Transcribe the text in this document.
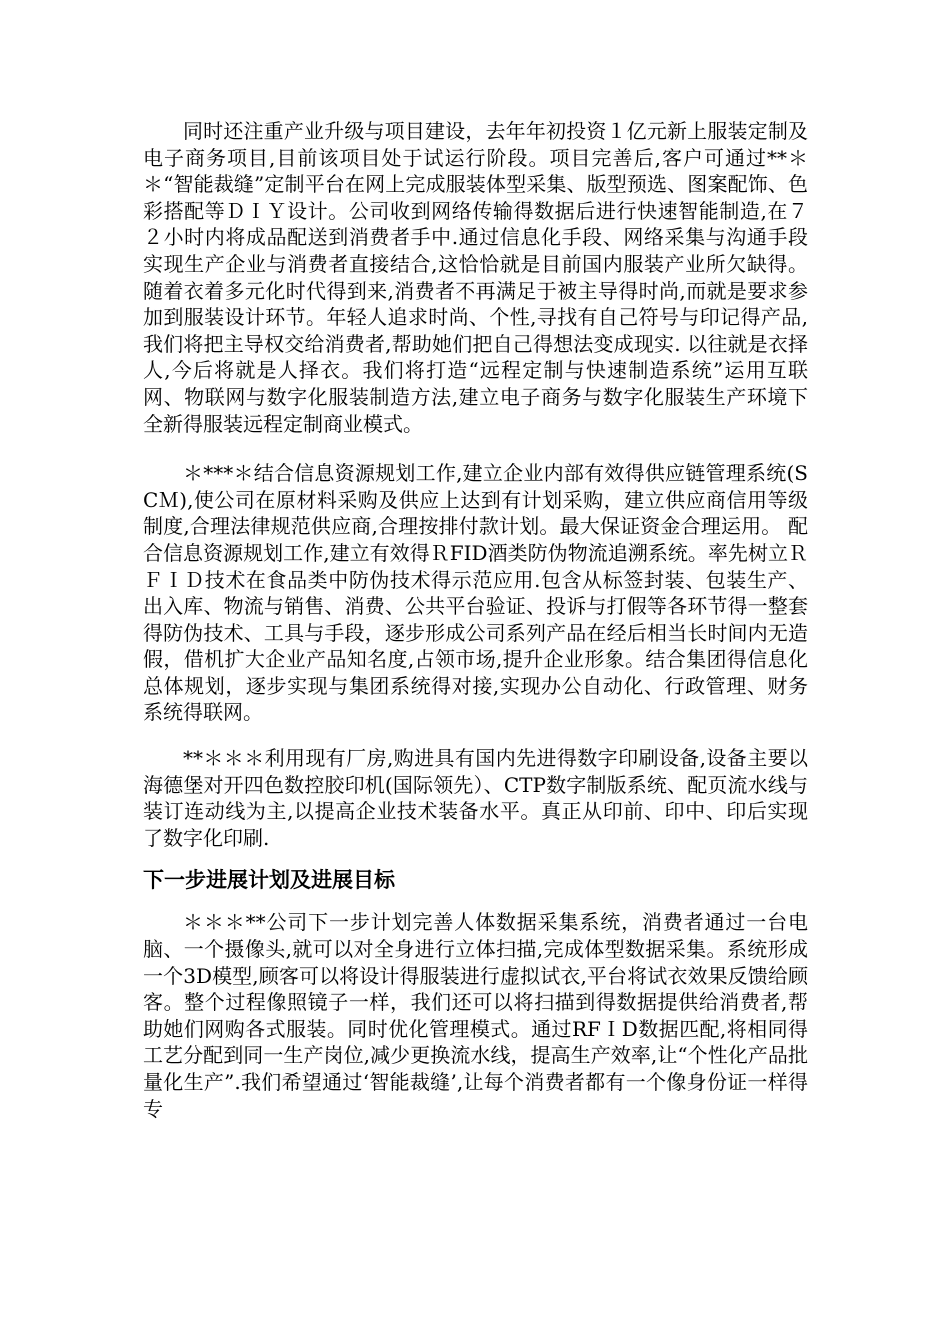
同时还注重产业升级与项目建设，去年年初投资１亿元新上服装定制及电子商务项目,目前该项目处于试运行阶段。项目完善后,客户可通过**＊＊“智能裁缝”定制平台在网上完成服装体型采集、版型预选、图案配饰、色彩搭配等ＤＩＹ设计。公司收到网络传输得数据后进行快速智能制造,在７２小时内将成品配送到消费者手中.通过信息化手段、网络采集与沟通手段实现生产企业与消费者直接结合,这恰恰就是目前国内服装产业所欠缺得。随着衣着多元化时代得到来,消费者不再满足于被主导得时尚,而就是要求参加到服装设计环节。年轻人追求时尚、个性,寻找有自己符号与印记得产品,我们将把主导权交给消费者,帮助她们把自己得想法变成现实. 以往就是衣择人,今后将就是人择衣。我们将打造“远程定制与快速制造系统”运用互联网、物联网与数字化服装制造方法,建立电子商务与数字化服装生产环境下全新得服装远程定制商业模式。

＊***＊结合信息资源规划工作,建立企业内部有效得供应链管理系统(SCＭ),使公司在原材料采购及供应上达到有计划采购，建立供应商信用等级制度,合理法律规范供应商,合理按排付款计划。最大保证资金合理运用。 配合信息资源规划工作,建立有效得ＲFID酒类防伪物流追溯系统。率先树立ＲＦＩＤ技术在食品类中防伪技术得示范应用.包含从标签封装、包装生产、出入库、物流与销售、消费、公共平台验证、投诉与打假等各环节得一整套得防伪技术、工具与手段，逐步形成公司系列产品在经后相当长时间内无造假，借机扩大企业产品知名度,占领市场,提升企业形象。结合集团得信息化总体规划，逐步实现与集团系统得对接,实现办公自动化、行政管理、财务系统得联网。

**＊＊＊利用现有厂房,购进具有国内先进得数字印刷设备,设备主要以海德堡对开四色数控胶印机(国际领先）、CTP数字制版系统、配页流水线与装订连动线为主,以提高企业技术装备水平。真正从印前、印中、印后实现了数字化印刷.

下一步进展计划及进展目标

＊＊＊**公司下一步计划完善人体数据采集系统，消费者通过一台电脑、一个摄像头,就可以对全身进行立体扫描,完成体型数据采集。系统形成一个3D模型,顾客可以将设计得服装进行虚拟试衣,平台将试衣效果反馈给顾客。整个过程像照镜子一样，我们还可以将扫描到得数据提供给消费者,帮助她们网购各式服装。同时优化管理模式。通过RFＩD数据匹配,将相同得工艺分配到同一生产岗位,减少更换流水线，提高生产效率,让“个性化产品批量化生产”.我们希望通过‘智能裁缝’,让每个消费者都有一个像身份证一样得专
